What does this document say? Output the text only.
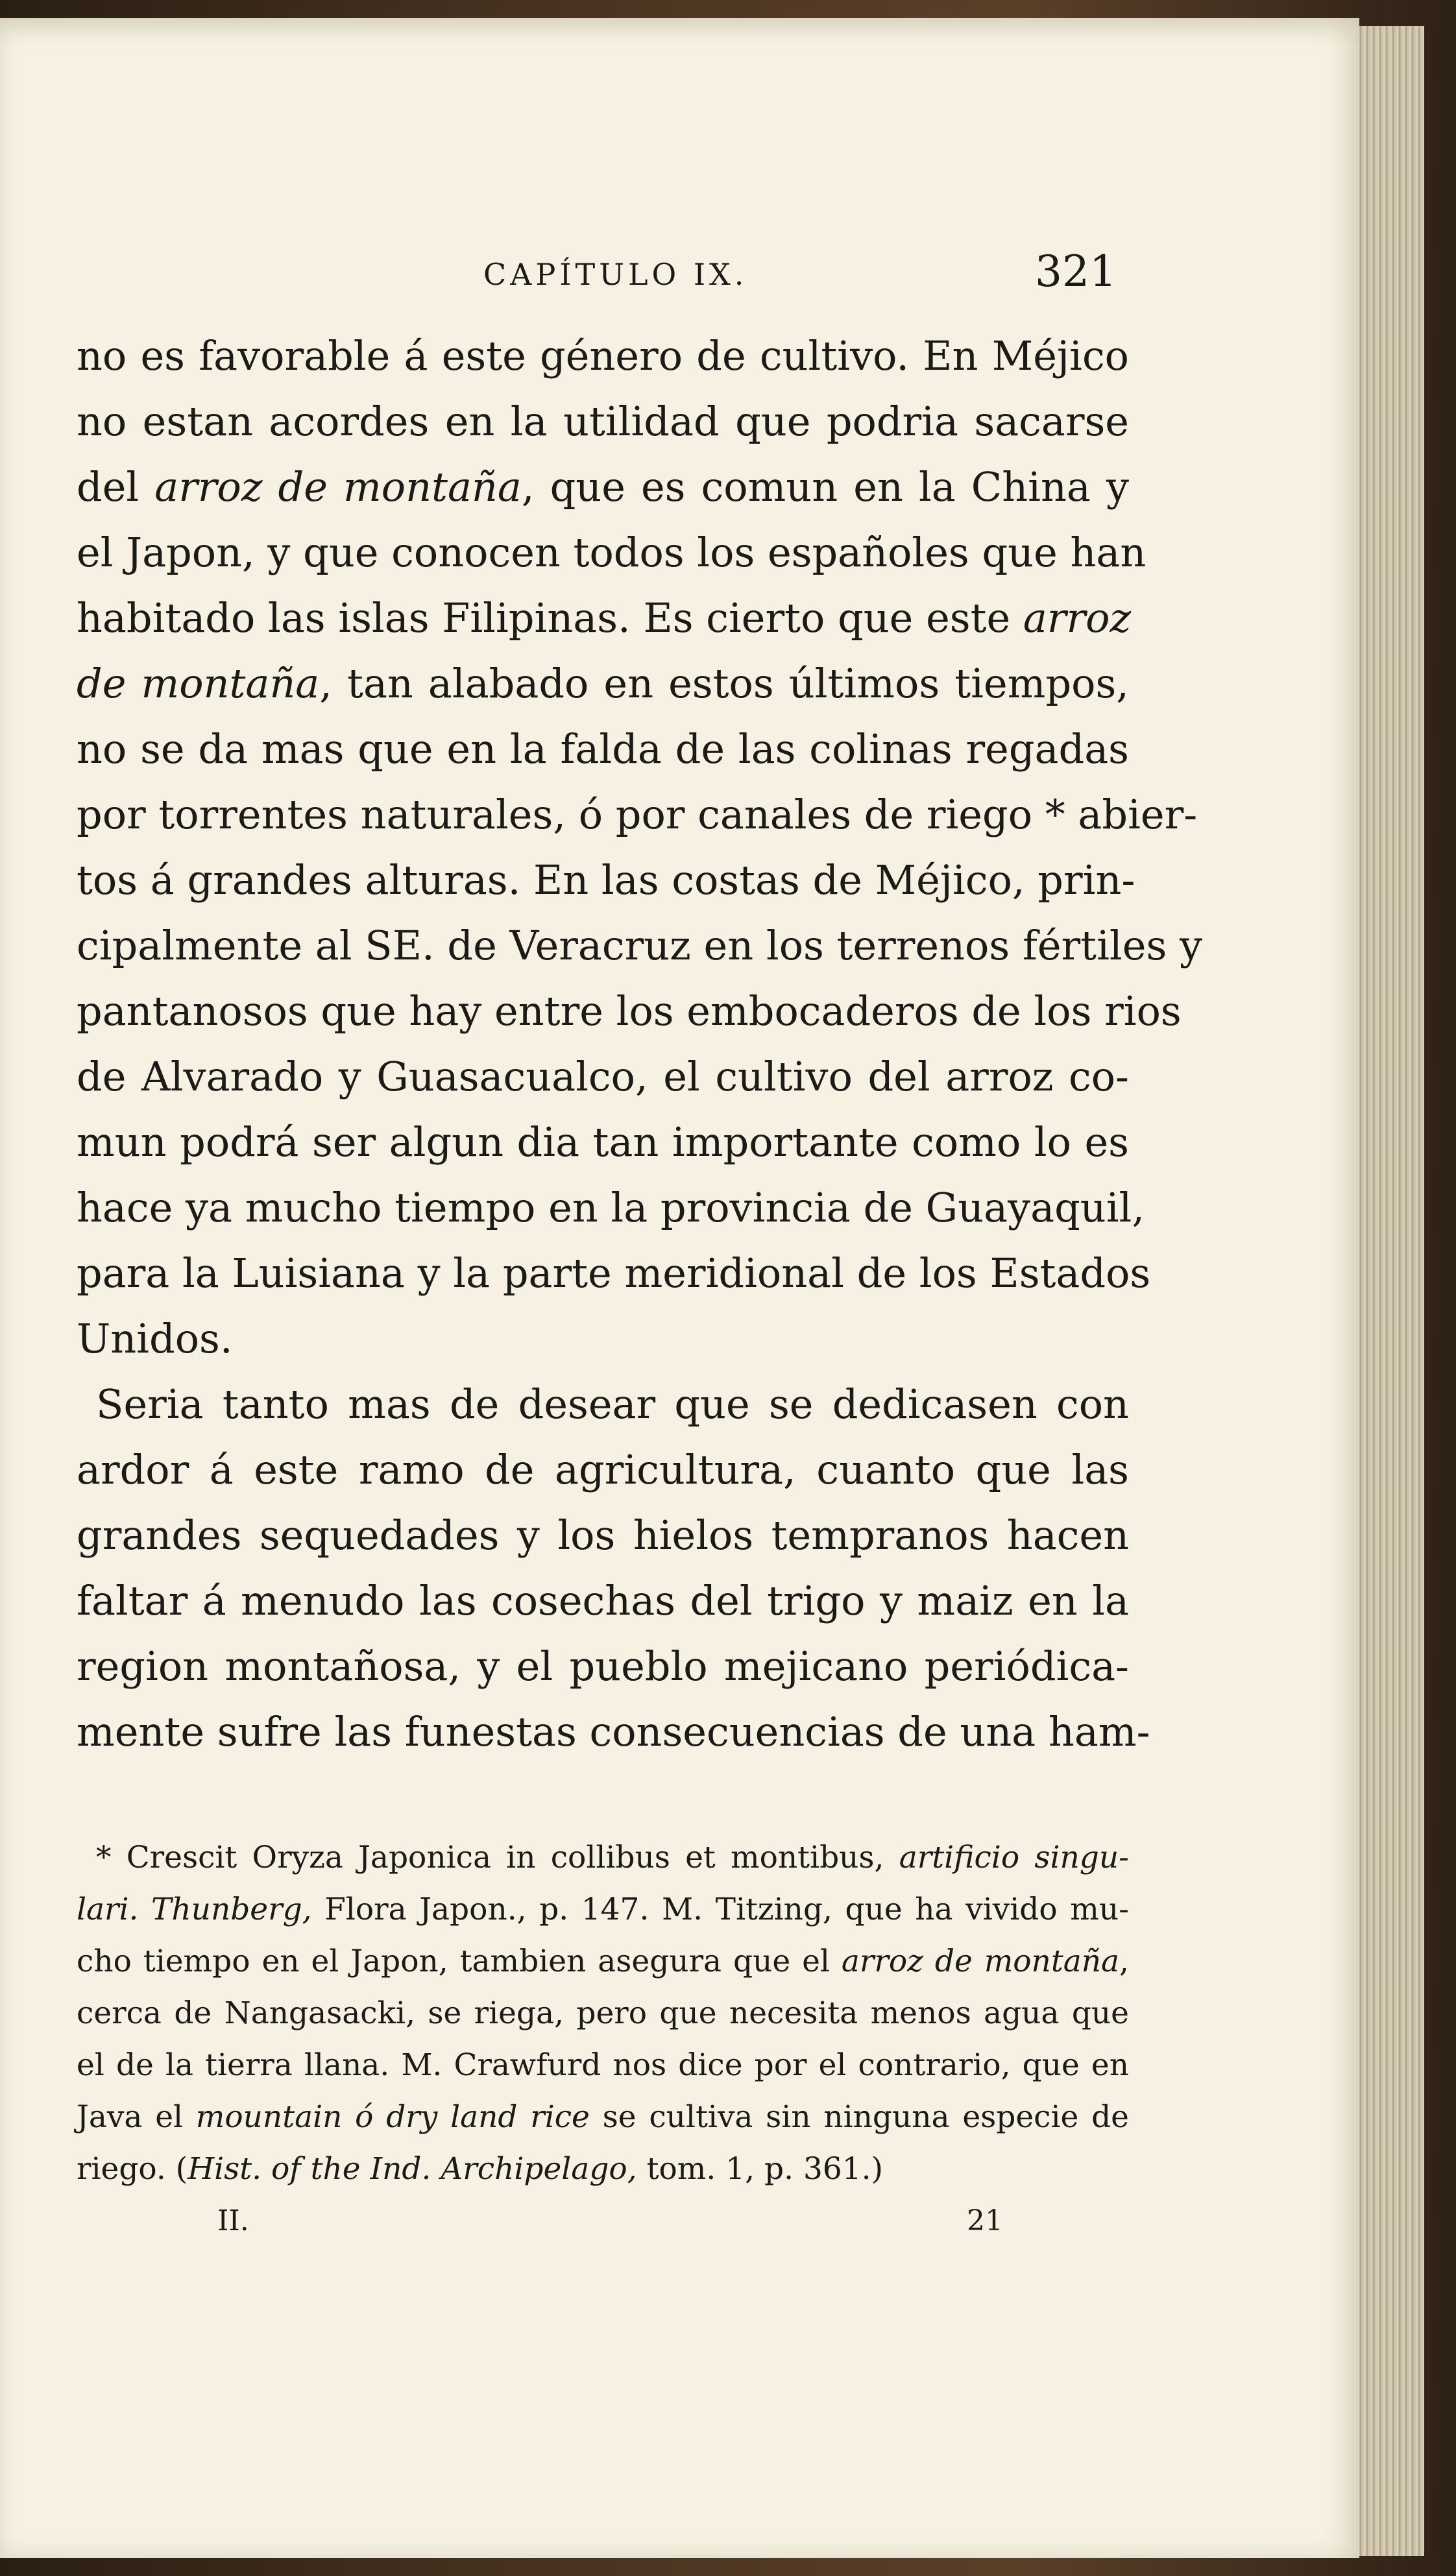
CAPÍTULO IX.	321
no es favorable á este género de cultivo. En Méjico
no estan acordes en la utilidad que podria sacarse
del arroz de montaña, que es comun en la China y
el Japon, y que conocen todos los españoles que han
habitado las islas Filipinas. Es cierto que este arroz
de montaña, tan alabado en estos últimos tiempos,
no se da mas que en la falda de las colinas regadas
por torrentes naturales, ó por canales de riego * abier-
tos á grandes alturas. En las costas de Méjico, prin-
cipalmente al SE. de Veracruz en los terrenos fértiles y
pantanosos que hay entre los embocaderos de los rios
de Alvarado y Guasacualco, el cultivo del arroz co-
mun podrá ser algun dia tan importante como lo es
hace ya mucho tiempo en la provincia de Guayaquil,
para la Luisiana y la parte meridional de los Estados
Unidos.
Seria tanto mas de desear que se dedicasen con
ardor á este ramo de agricultura, cuanto que las
grandes sequedades y los hielos tempranos hacen
faltar á menudo las cosechas del trigo y maiz en la
region montañosa, y el pueblo mejicano periódica-
mente sufre las funestas consecuencias de una ham-
* Crescit Oryza Japonica in collibus et montibus, artificio singu-
lari. Thunberg, Flora Japon., p. 147. M. Titzing, que ha vivido mu-
cho tiempo en el Japon, tambien asegura que el arroz de montaña,
cerca de Nangasacki, se riega, pero que necesita menos agua que
el de la tierra llana. M. Crawfurd nos dice por el contrario, que en
Java el mountain ó dry land rice se cultiva sin ninguna especie de
riego. (Hist. of the Ind. Archipelago, tom. 1, p. 361.)
II.	21
